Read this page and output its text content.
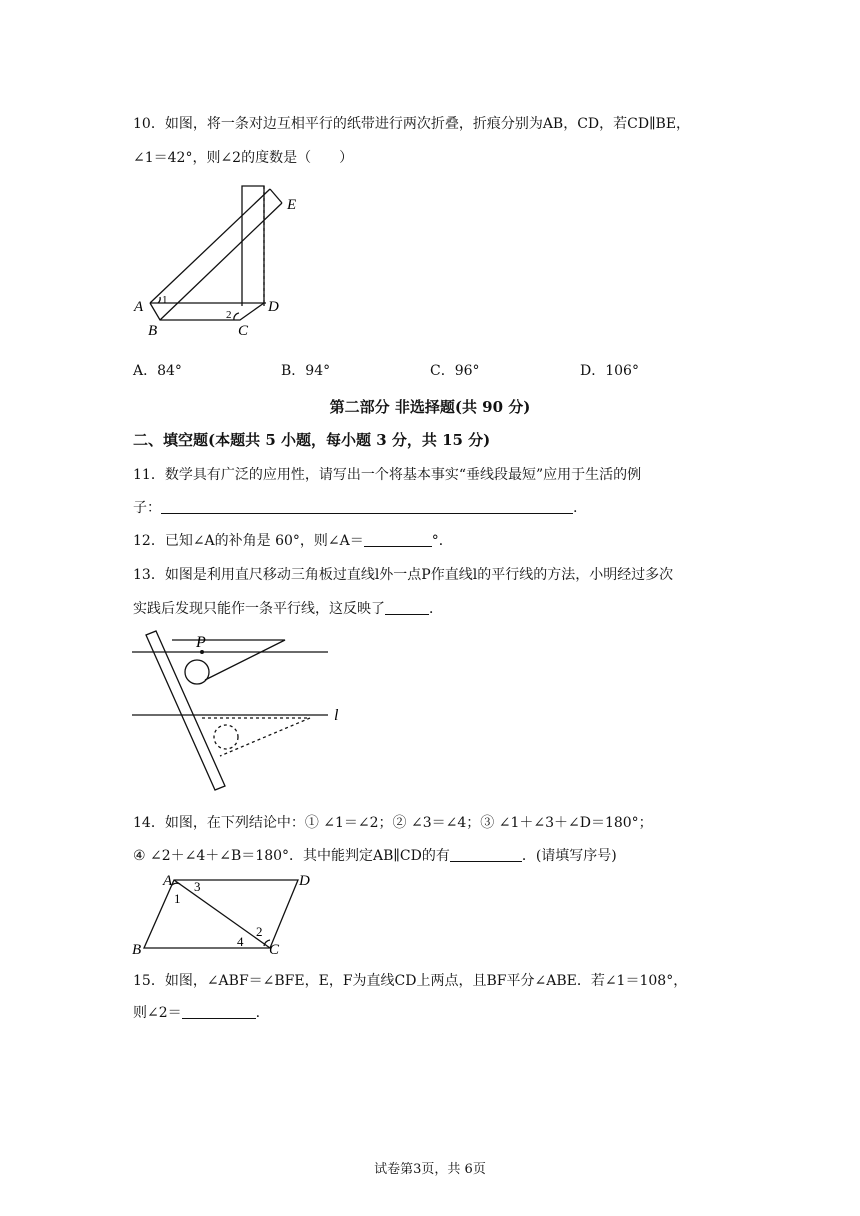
10．如图，将一条对边互相平行的纸带进行两次折叠，折痕分别为AB，CD，若CD∥BE，
∠1＝42°，则∠2的度数是（　　）
A
B	C
D
E
1
2
A．84°	B．94°	C．96°	D．106°
第二部分 非选择题(共 90 分)
二、填空题(本题共 5 小题，每小题 3 分，共 15 分)
11．数学具有广泛的应用性，请写出一个将基本事实“垂线段最短”应用于生活的例
子：	.
12．已知∠A的补角是 60°，则∠A＝	°．
13．如图是利用直尺移动三角板过直线l外一点P作直线l的平行线的方法，小明经过多次
实践后发现只能作一条平行线，这反映了	．
P
l
14．如图，在下列结论中：① ∠1＝∠2；② ∠3＝∠4；③ ∠1＋∠3＋∠D＝180°；
④ ∠2＋∠4＋∠B＝180°．其中能判定AB∥CD的有	．(请填写序号)
A
B	C
D
1
3
2
4
15．如图，∠ABF＝∠BFE，E，F为直线CD上两点，且BF平分∠ABE．若∠1＝108°，
则∠2＝	.
试卷第3页，共 6页
